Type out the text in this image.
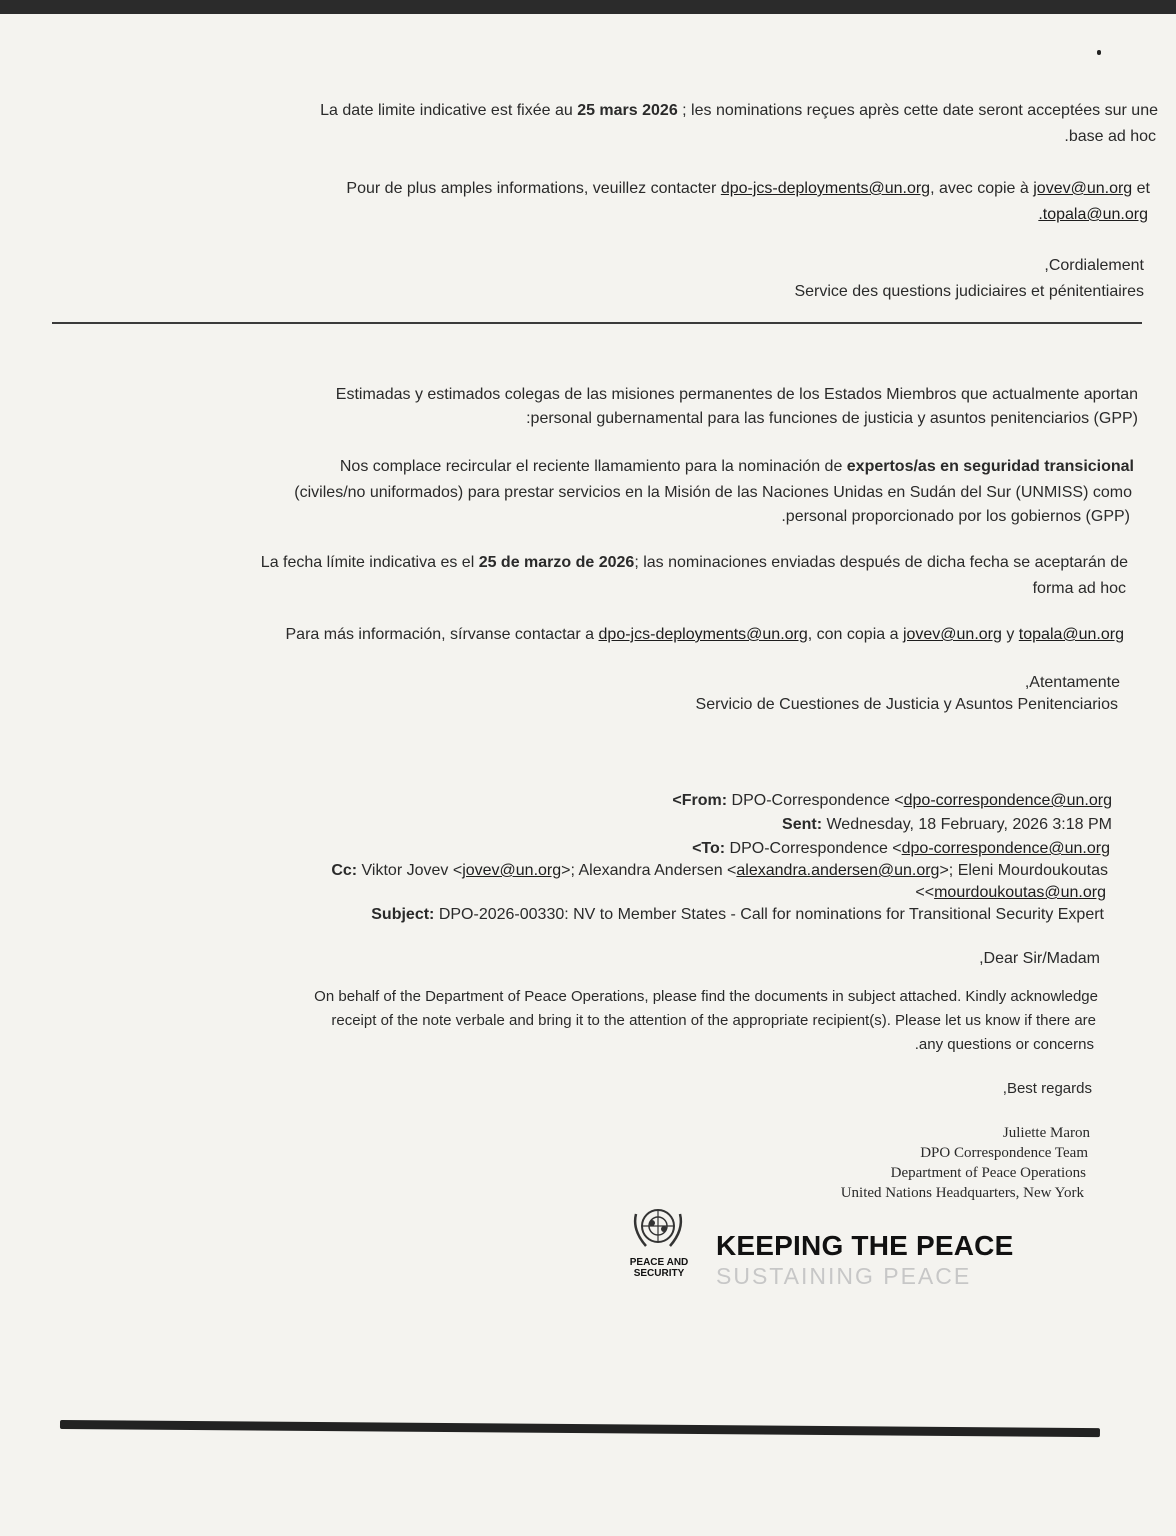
La date limite indicative est fixée au 25 mars 2026 ; les nominations reçues après cette date seront acceptées sur une
.base ad hoc
Pour de plus amples informations, veuillez contacter dpo-jcs-deployments@un.org, avec copie à jovev@un.org et
.topala@un.org
,Cordialement
Service des questions judiciaires et pénitentiaires
Estimadas y estimados colegas de las misiones permanentes de los Estados Miembros que actualmente aportan
:personal gubernamental para las funciones de justicia y asuntos penitenciarios (GPP)
Nos complace recircular el reciente llamamiento para la nominación de expertos/as en seguridad transicional
(civiles/no uniformados) para prestar servicios en la Misión de las Naciones Unidas en Sudán del Sur (UNMISS) como
.personal proporcionado por los gobiernos (GPP)
La fecha límite indicativa es el 25 de marzo de 2026; las nominaciones enviadas después de dicha fecha se aceptarán de
forma ad hoc
Para más información, sírvanse contactar a dpo-jcs-deployments@un.org, con copia a jovev@un.org y topala@un.org
,Atentamente
Servicio de Cuestiones de Justicia y Asuntos Penitenciarios
<From: DPO-Correspondence <dpo-correspondence@un.org
Sent: Wednesday, 18 February, 2026 3:18 PM
<To: DPO-Correspondence <dpo-correspondence@un.org
Cc: Viktor Jovev <jovev@un.org>; Alexandra Andersen <alexandra.andersen@un.org>; Eleni Mourdoukoutas
<<mourdoukoutas@un.org
Subject: DPO-2026-00330: NV to Member States - Call for nominations for Transitional Security Expert
,Dear Sir/Madam
On behalf of the Department of Peace Operations, please find the documents in subject attached. Kindly acknowledge
receipt of the note verbale and bring it to the attention of the appropriate recipient(s). Please let us know if there are
.any questions or concerns
,Best regards
Juliette Maron
DPO Correspondence Team
Department of Peace Operations
United Nations Headquarters, New York
PEACE AND
SECURITY
KEEPING THE PEACE
SUSTAINING PEACE
